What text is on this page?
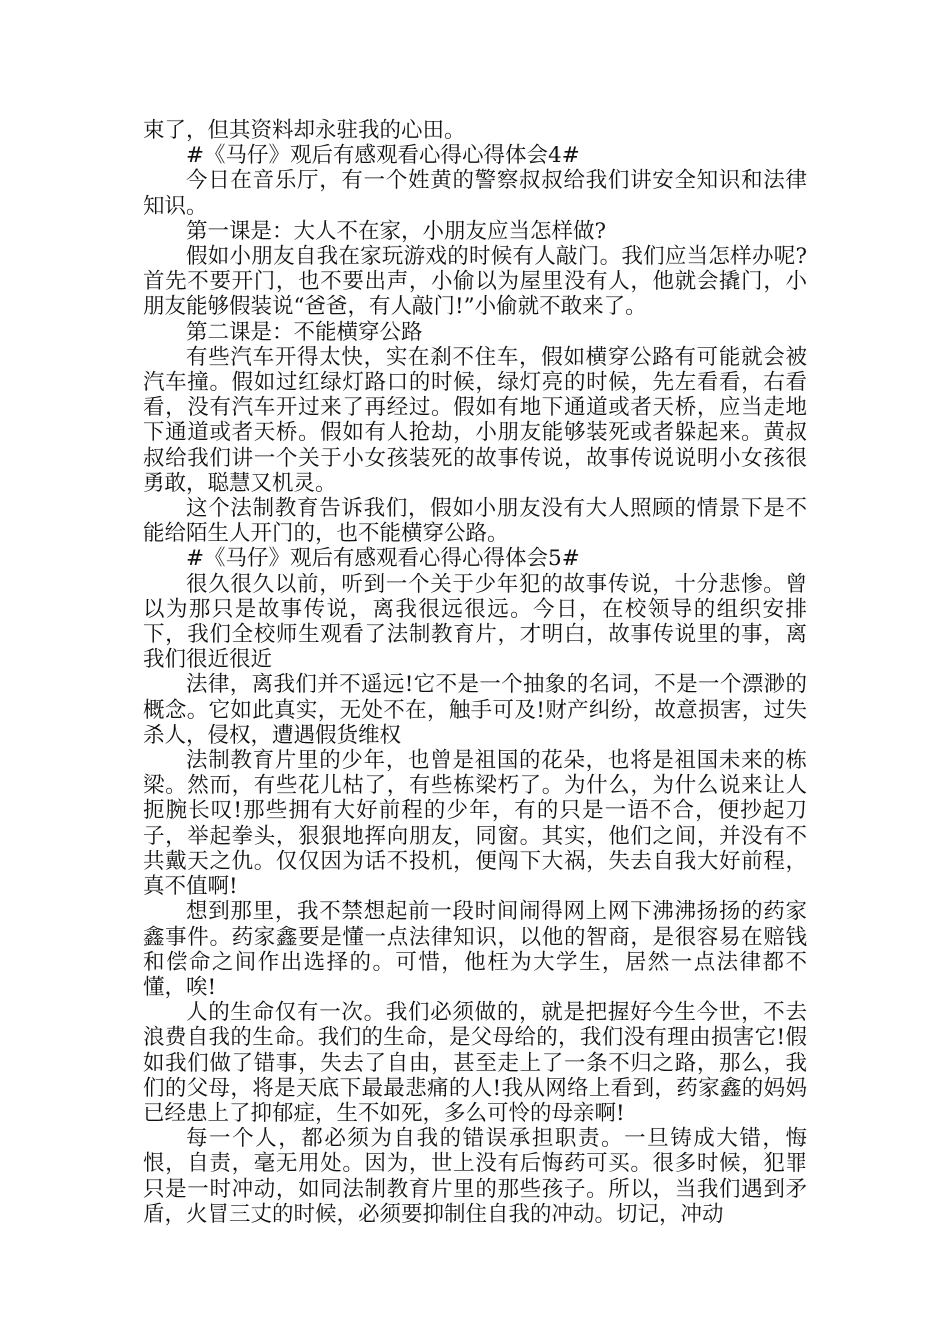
束了，但其资料却永驻我的心田。

#《马仔》观后有感观看心得心得体会4#

今日在音乐厅，有一个姓黄的警察叔叔给我们讲安全知识和法律知识。

第一课是：大人不在家，小朋友应当怎样做?

假如小朋友自我在家玩游戏的时候有人敲门。我们应当怎样办呢?首先不要开门，也不要出声，小偷以为屋里没有人，他就会撬门，小朋友能够假装说“爸爸，有人敲门!”小偷就不敢来了。

第二课是：不能横穿公路

有些汽车开得太快，实在刹不住车，假如横穿公路有可能就会被汽车撞。假如过红绿灯路口的时候，绿灯亮的时候，先左看看，右看看，没有汽车开过来了再经过。假如有地下通道或者天桥，应当走地下通道或者天桥。假如有人抢劫，小朋友能够装死或者躲起来。黄叔叔给我们讲一个关于小女孩装死的故事传说，故事传说说明小女孩很勇敢，聪慧又机灵。

这个法制教育告诉我们，假如小朋友没有大人照顾的情景下是不能给陌生人开门的，也不能横穿公路。

#《马仔》观后有感观看心得心得体会5#

很久很久以前，听到一个关于少年犯的故事传说，十分悲惨。曾以为那只是故事传说，离我很远很远。今日，在校领导的组织安排下，我们全校师生观看了法制教育片，才明白，故事传说里的事，离我们很近很近

法律，离我们并不遥远!它不是一个抽象的名词，不是一个漂渺的概念。它如此真实，无处不在，触手可及!财产纠纷，故意损害，过失杀人，侵权，遭遇假货维权

法制教育片里的少年，也曾是祖国的花朵，也将是祖国未来的栋梁。然而，有些花儿枯了，有些栋梁朽了。为什么，为什么说来让人扼腕长叹!那些拥有大好前程的少年，有的只是一语不合，便抄起刀子，举起拳头，狠狠地挥向朋友，同窗。其实，他们之间，并没有不共戴天之仇。仅仅因为话不投机，便闯下大祸，失去自我大好前程，真不值啊!

想到那里，我不禁想起前一段时间闹得网上网下沸沸扬扬的药家鑫事件。药家鑫要是懂一点法律知识，以他的智商，是很容易在赔钱和偿命之间作出选择的。可惜，他枉为大学生，居然一点法律都不懂，唉!

人的生命仅有一次。我们必须做的，就是把握好今生今世，不去浪费自我的生命。我们的生命，是父母给的，我们没有理由损害它!假如我们做了错事，失去了自由，甚至走上了一条不归之路，那么，我们的父母，将是天底下最最悲痛的人!我从网络上看到，药家鑫的妈妈已经患上了抑郁症，生不如死，多么可怜的母亲啊!

每一个人，都必须为自我的错误承担职责。一旦铸成大错，悔恨，自责，毫无用处。因为，世上没有后悔药可买。很多时候，犯罪只是一时冲动，如同法制教育片里的那些孩子。所以，当我们遇到矛盾，火冒三丈的时候，必须要抑制住自我的冲动。切记，冲动
